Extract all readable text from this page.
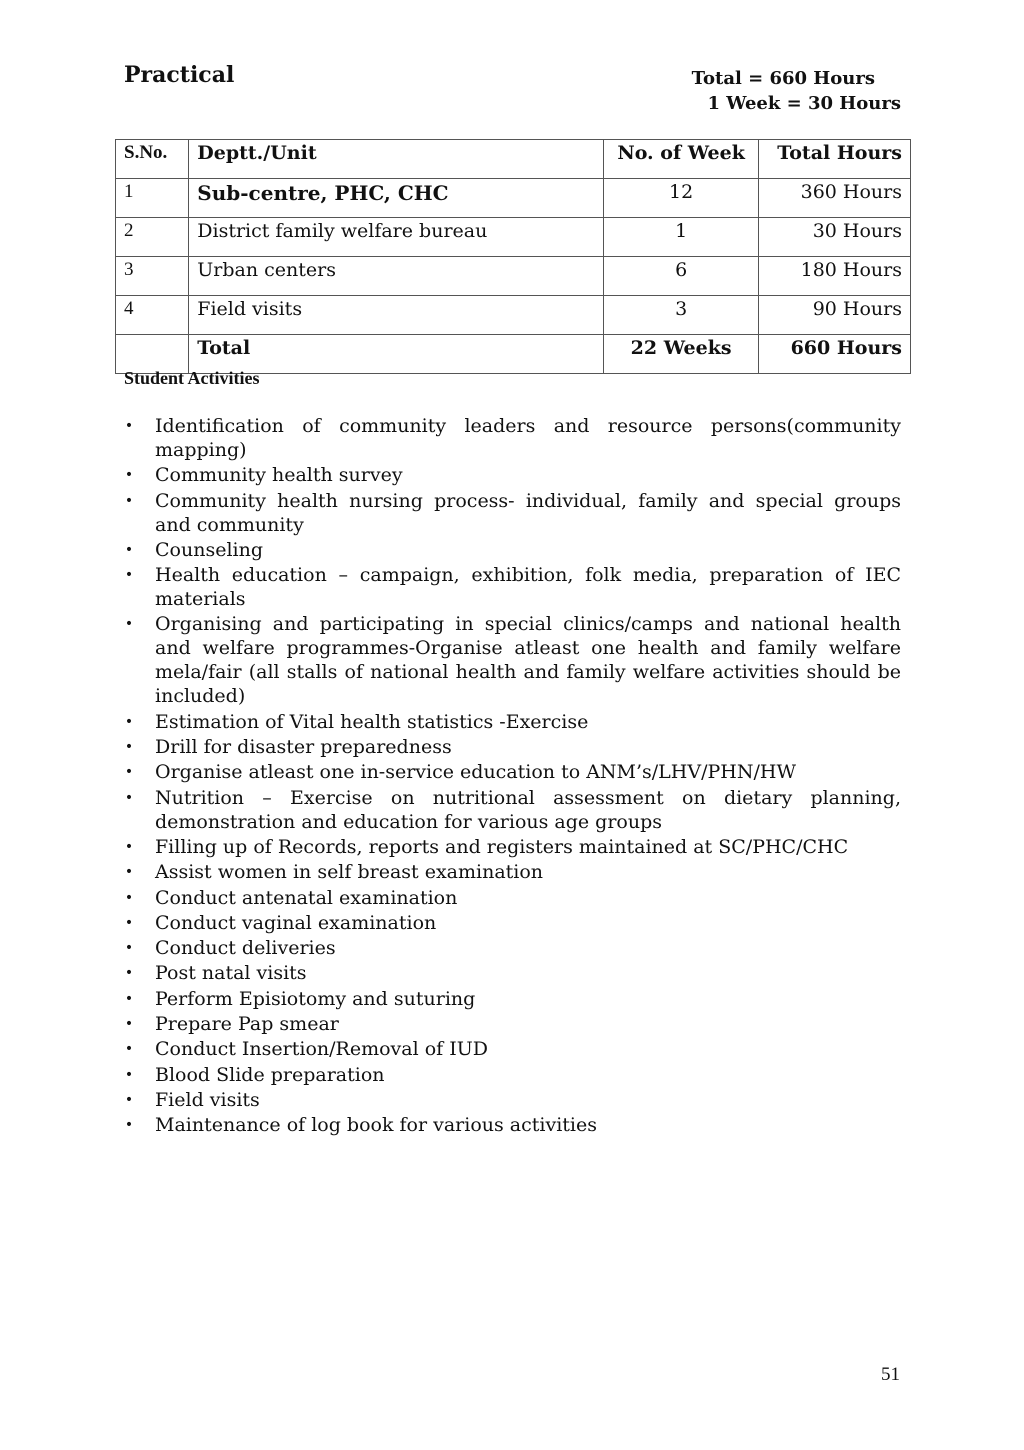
Practical	Total = 660 Hours
1 Week = 30 Hours
S.No.	Deptt./Unit	No. of Week	Total Hours
1	Sub-centre, PHC, CHC	12	360 Hours
2	District family welfare bureau	1	30 Hours
3	Urban centers	6	180 Hours
4	Field visits	3	90 Hours
	Total	22 Weeks	660 Hours
Student Activities
• Identification of community leaders and resource persons(community mapping)
• Community health survey
• Community health nursing process- individual, family and special groups and community
• Counseling
• Health education – campaign, exhibition, folk media, preparation of IEC materials
• Organising and participating in special clinics/camps and national health and welfare programmes-Organise atleast one health and family welfare mela/fair (all stalls of national health and family welfare activities should be included)
• Estimation of Vital health statistics -Exercise
• Drill for disaster preparedness
• Organise atleast one in-service education to ANM’s/LHV/PHN/HW
• Nutrition – Exercise on nutritional assessment on dietary planning, demonstration and education for various age groups
• Filling up of Records, reports and registers maintained at SC/PHC/CHC
• Assist women in self breast examination
• Conduct antenatal examination
• Conduct vaginal examination
• Conduct deliveries
• Post natal visits
• Perform Episiotomy and suturing
• Prepare Pap smear
• Conduct Insertion/Removal of IUD
• Blood Slide preparation
• Field visits
• Maintenance of log book for various activities
51
